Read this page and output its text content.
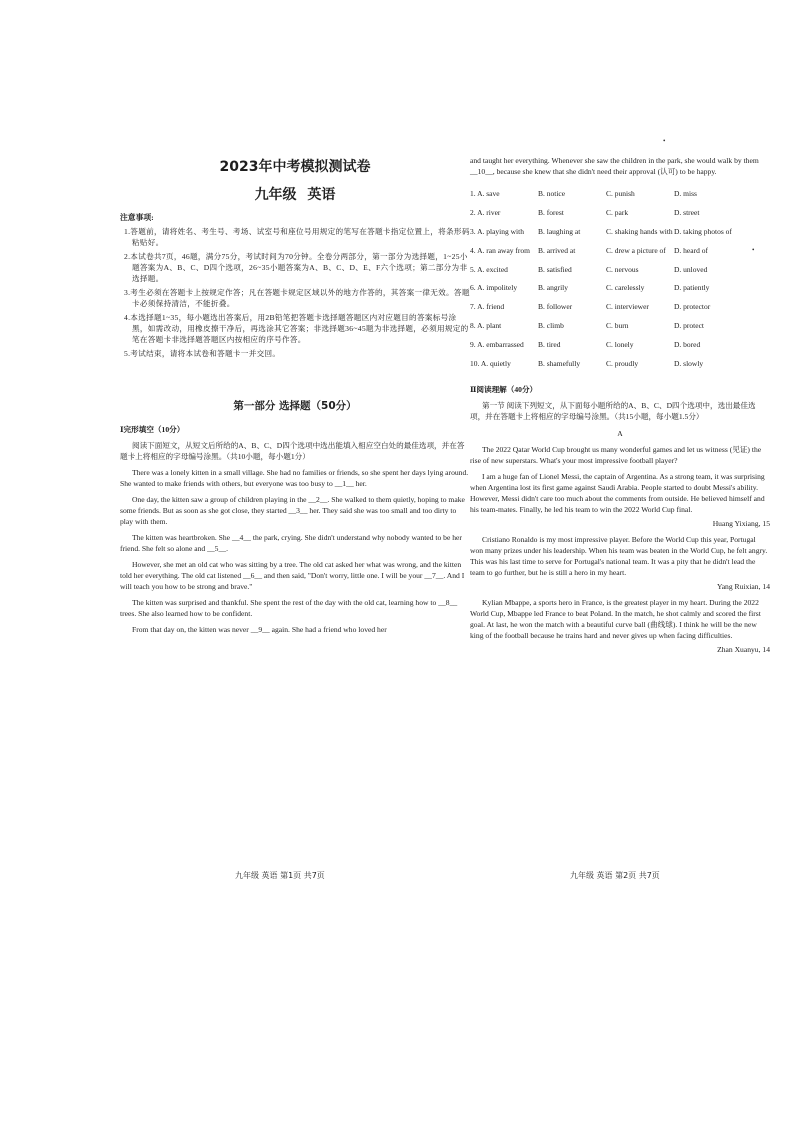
•
•
2023年中考模拟测试卷
九年级 英语
注意事项:
1.答题前，请将姓名、考生号、考场、试室号和座位号用规定的笔写在答题卡指定位置上，将条形码粘贴好。
2.本试卷共7页，46题，满分75分，考试时间为70分钟。全卷分两部分，第一部分为选择题，1~25小题答案为A、B、C、D四个选项，26~35小题答案为A、B、C、D、E、F六个选项；第二部分为非选择题。
3.考生必须在答题卡上按规定作答；凡在答题卡规定区域以外的地方作答的，其答案一律无效。答题卡必须保持清洁，不能折叠。
4.本选择题1~35，每小题选出答案后，用2B铅笔把答题卡选择题答题区内对应题目的答案标号涂黑，如需改动，用橡皮擦干净后，再选涂其它答案；非选择题36~45题为非选择题，必须用规定的笔在答题卡非选择题答题区内按相应的序号作答。
5.考试结束，请将本试卷和答题卡一并交回。
第一部分 选择题（50分）
Ⅰ完形填空（10分）

阅读下面短文，从短文后所给的A、B、C、D四个选项中选出能填入相应空白处的最佳选项，并在答题卡上将相应的字母编号涂黑。（共10小题，每小题1分）

There was a lonely kitten in a small village. She had no families or friends, so she spent her days lying around. She wanted to make friends with others, but everyone was too busy to __1__ her.

One day, the kitten saw a group of children playing in the __2__. She walked to them quietly, hoping to make some friends. But as soon as she got close, they started __3__ her. They said she was too small and too dirty to play with them.

The kitten was heartbroken. She __4__ the park, crying. She didn't understand why nobody wanted to be her friend. She felt so alone and __5__.

However, she met an old cat who was sitting by a tree. The old cat asked her what was wrong, and the kitten told her everything. The old cat listened __6__ and then said, "Don't worry, little one. I will be your __7__. And I will teach you how to be strong and brave."

The kitten was surprised and thankful. She spent the rest of the day with the old cat, learning how to __8__ trees. She also learned how to be confident.

From that day on, the kitten was never __9__ again. She had a friend who loved her

九年级 英语 第1页 共7页

and taught her everything. Whenever she saw the children in the park, she would walk by them __10__, because she knew that she didn't need their approval (认可) to be happy.

1. A. save	B. notice	C. punish	D. miss
2. A. river	B. forest	C. park	D. street
3. A. playing with	B. laughing at	C. shaking hands with	D. taking photos of
4. A. ran away from	B. arrived at	C. drew a picture of	D. heard of
5. A. excited	B. satisfied	C. nervous	D. unloved
6. A. impolitely	B. angrily	C. carelessly	D. patiently
7. A. friend	B. follower	C. interviewer	D. protector
8. A. plant	B. climb	C. burn	D. protect
9. A. embarrassed	B. tired	C. lonely	D. bored
10. A. quietly	B. shamefully	C. proudly	D. slowly
Ⅱ阅读理解（40分）

第一节 阅读下列短文，从下面每小题所给的A、B、C、D四个选项中，选出最佳选项，并在答题卡上将相应的字母编号涂黑。（共15小题，每小题1.5分）

A

The 2022 Qatar World Cup brought us many wonderful games and let us witness (见证) the rise of new superstars. What's your most impressive football player?

I am a huge fan of Lionel Messi, the captain of Argentina. As a strong team, it was surprising when Argentina lost its first game against Saudi Arabia. People started to doubt Messi's ability. However, Messi didn't care too much about the comments from outside. He believed himself and his team-mates. Finally, he led his team to win the 2022 World Cup final.

Huang Yixiang, 15

Cristiano Ronaldo is my most impressive player. Before the World Cup this year, Portugal won many prizes under his leadership. When his team was beaten in the World Cup, he felt angry. This was his last time to serve for Portugal's national team. It was a pity that he didn't lead the team to go further, but he is still a hero in my heart.

Yang Ruixian, 14

Kylian Mbappe, a sports hero in France, is the greatest player in my heart. During the 2022 World Cup, Mbappe led France to beat Poland. In the match, he shot calmly and scored the first goal. At last, he won the match with a beautiful curve ball (曲线球). I think he will be the new king of the football because he trains hard and never gives up when facing difficulties.

Zhan Xuanyu, 14
九年级 英语 第2页 共7页
